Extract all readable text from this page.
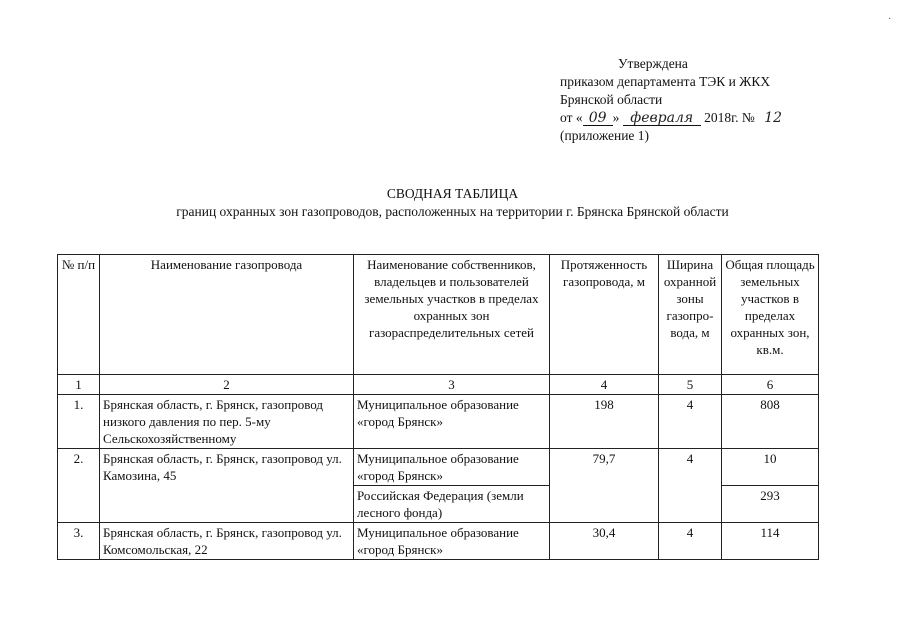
·
Утверждена
приказом департамента ТЭК и ЖКХ
Брянской области
от « 09 » февраля 2018г. № 12
(приложение 1)
СВОДНАЯ ТАБЛИЦА
границ охранных зон газопроводов, расположенных на территории г. Брянска Брянской области
№ п/п	Наименование газопровода	Наименование собственников, владельцев и пользователей земельных участков в пределах охранных зон газораспределительных сетей	Протяженность газопровода, м	Ширина охранной зоны газопро-вода, м	Общая площадь земельных участков в пределах охранных зон, кв.м.
1	2	3	4	5	6
1.	Брянская область, г. Брянск, газопровод низкого давления по пер. 5-му Сельскохозяйственному	Муниципальное образование «город Брянск»	198	4	808
2.	Брянская область, г. Брянск, газопровод ул. Камозина, 45	Муниципальное образование «город Брянск»	79,7	4	10
		Российская Федерация (земли лесного фонда)			293
3.	Брянская область, г. Брянск, газопровод ул. Комсомольская, 22	Муниципальное образование «город Брянск»	30,4	4	114
